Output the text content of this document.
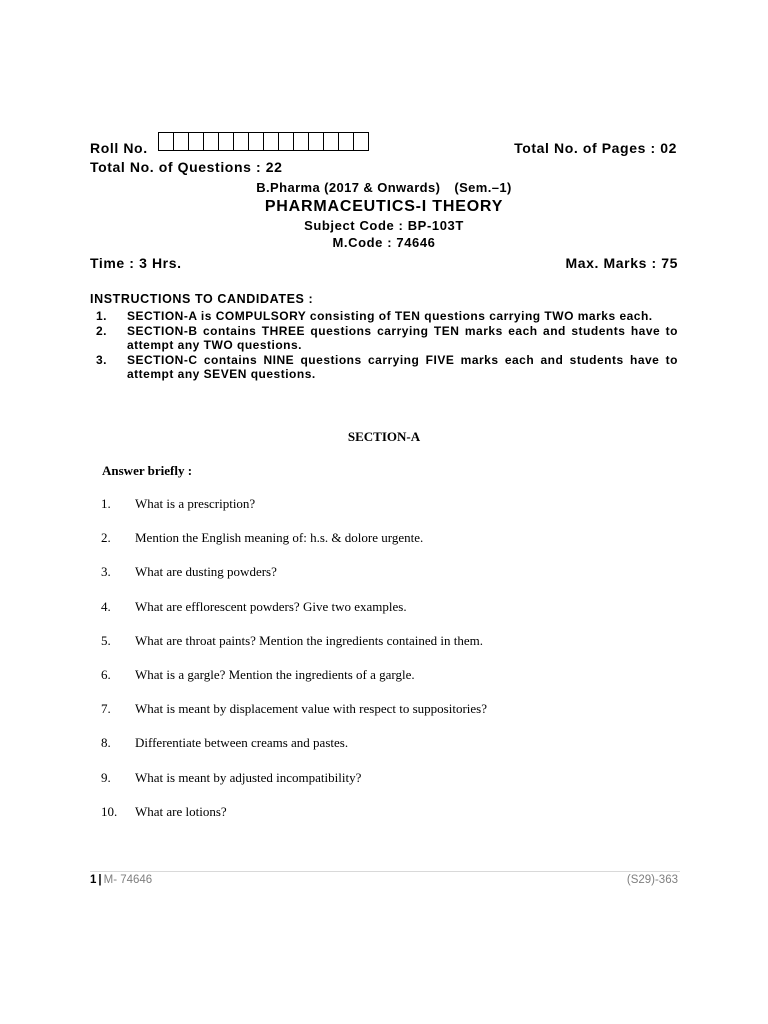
Roll No.	Total No. of Pages : 02
Total No. of Questions : 22
B.Pharma (2017 & Onwards) (Sem.–1)
PHARMACEUTICS-I THEORY
Subject Code : BP-103T
M.Code : 74646
Time : 3 Hrs.	Max. Marks : 75
INSTRUCTIONS TO CANDIDATES :
1.	SECTION-A is COMPULSORY consisting of TEN questions carrying TWO marks each.
2.	SECTION-B contains THREE questions carrying TEN marks each and students have to attempt any TWO questions.
3.	SECTION-C contains NINE questions carrying FIVE marks each and students have to attempt any SEVEN questions.
SECTION-A
Answer briefly :
1.	What is a prescription?
2.	Mention the English meaning of: h.s. & dolore urgente.
3.	What are dusting powders?
4.	What are efflorescent powders? Give two examples.
5.	What are throat paints? Mention the ingredients contained in them.
6.	What is a gargle? Mention the ingredients of a gargle.
7.	What is meant by displacement value with respect to suppositories?
8.	Differentiate between creams and pastes.
9.	What is meant by adjusted incompatibility?
10.	What are lotions?
1 | M- 74646	(S29)-363
